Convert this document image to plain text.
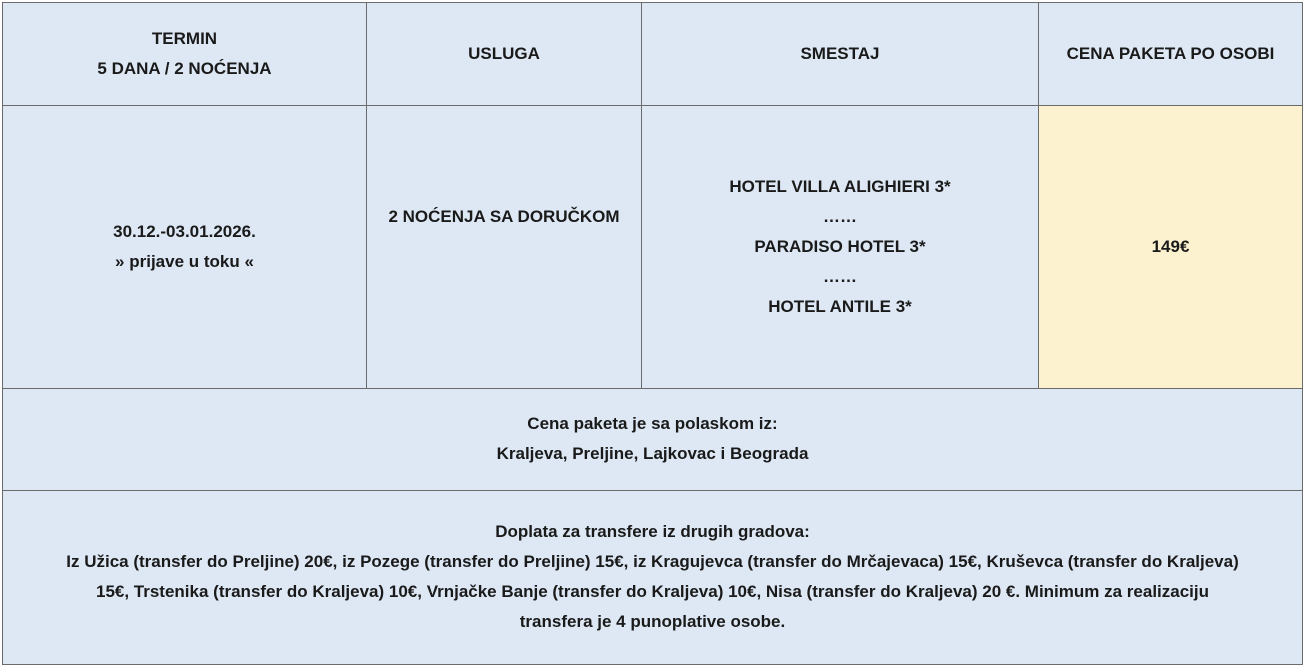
TERMIN
5 DANA / 2 NOĆENJA	USLUGA	SMESTAJ	CENA PAKETA PO OSOBI

30.12.-03.01.2026.
» prijave u toku «	2 NOĆENJA SA DORUČKOM	HOTEL VILLA ALIGHIERI 3*
……
PARADISO HOTEL 3*
……
HOTEL ANTILE 3*	149€

Cena paketa je sa polaskom iz:
Kraljeva, Preljine, Lajkovac i Beograda			

Doplata za transfere iz drugih gradova:
Iz Užica (transfer do Preljine) 20€, iz Pozege (transfer do Preljine) 15€, iz Kragujevca (transfer do Mrčajevaca) 15€, Kruševca (transfer do Kraljeva)
15€, Trstenika (transfer do Kraljeva) 10€, Vrnjačke Banje (transfer do Kraljeva) 10€, Nisa (transfer do Kraljeva) 20 €. Minimum za realizaciju
transfera je 4 punoplative osobe.			
